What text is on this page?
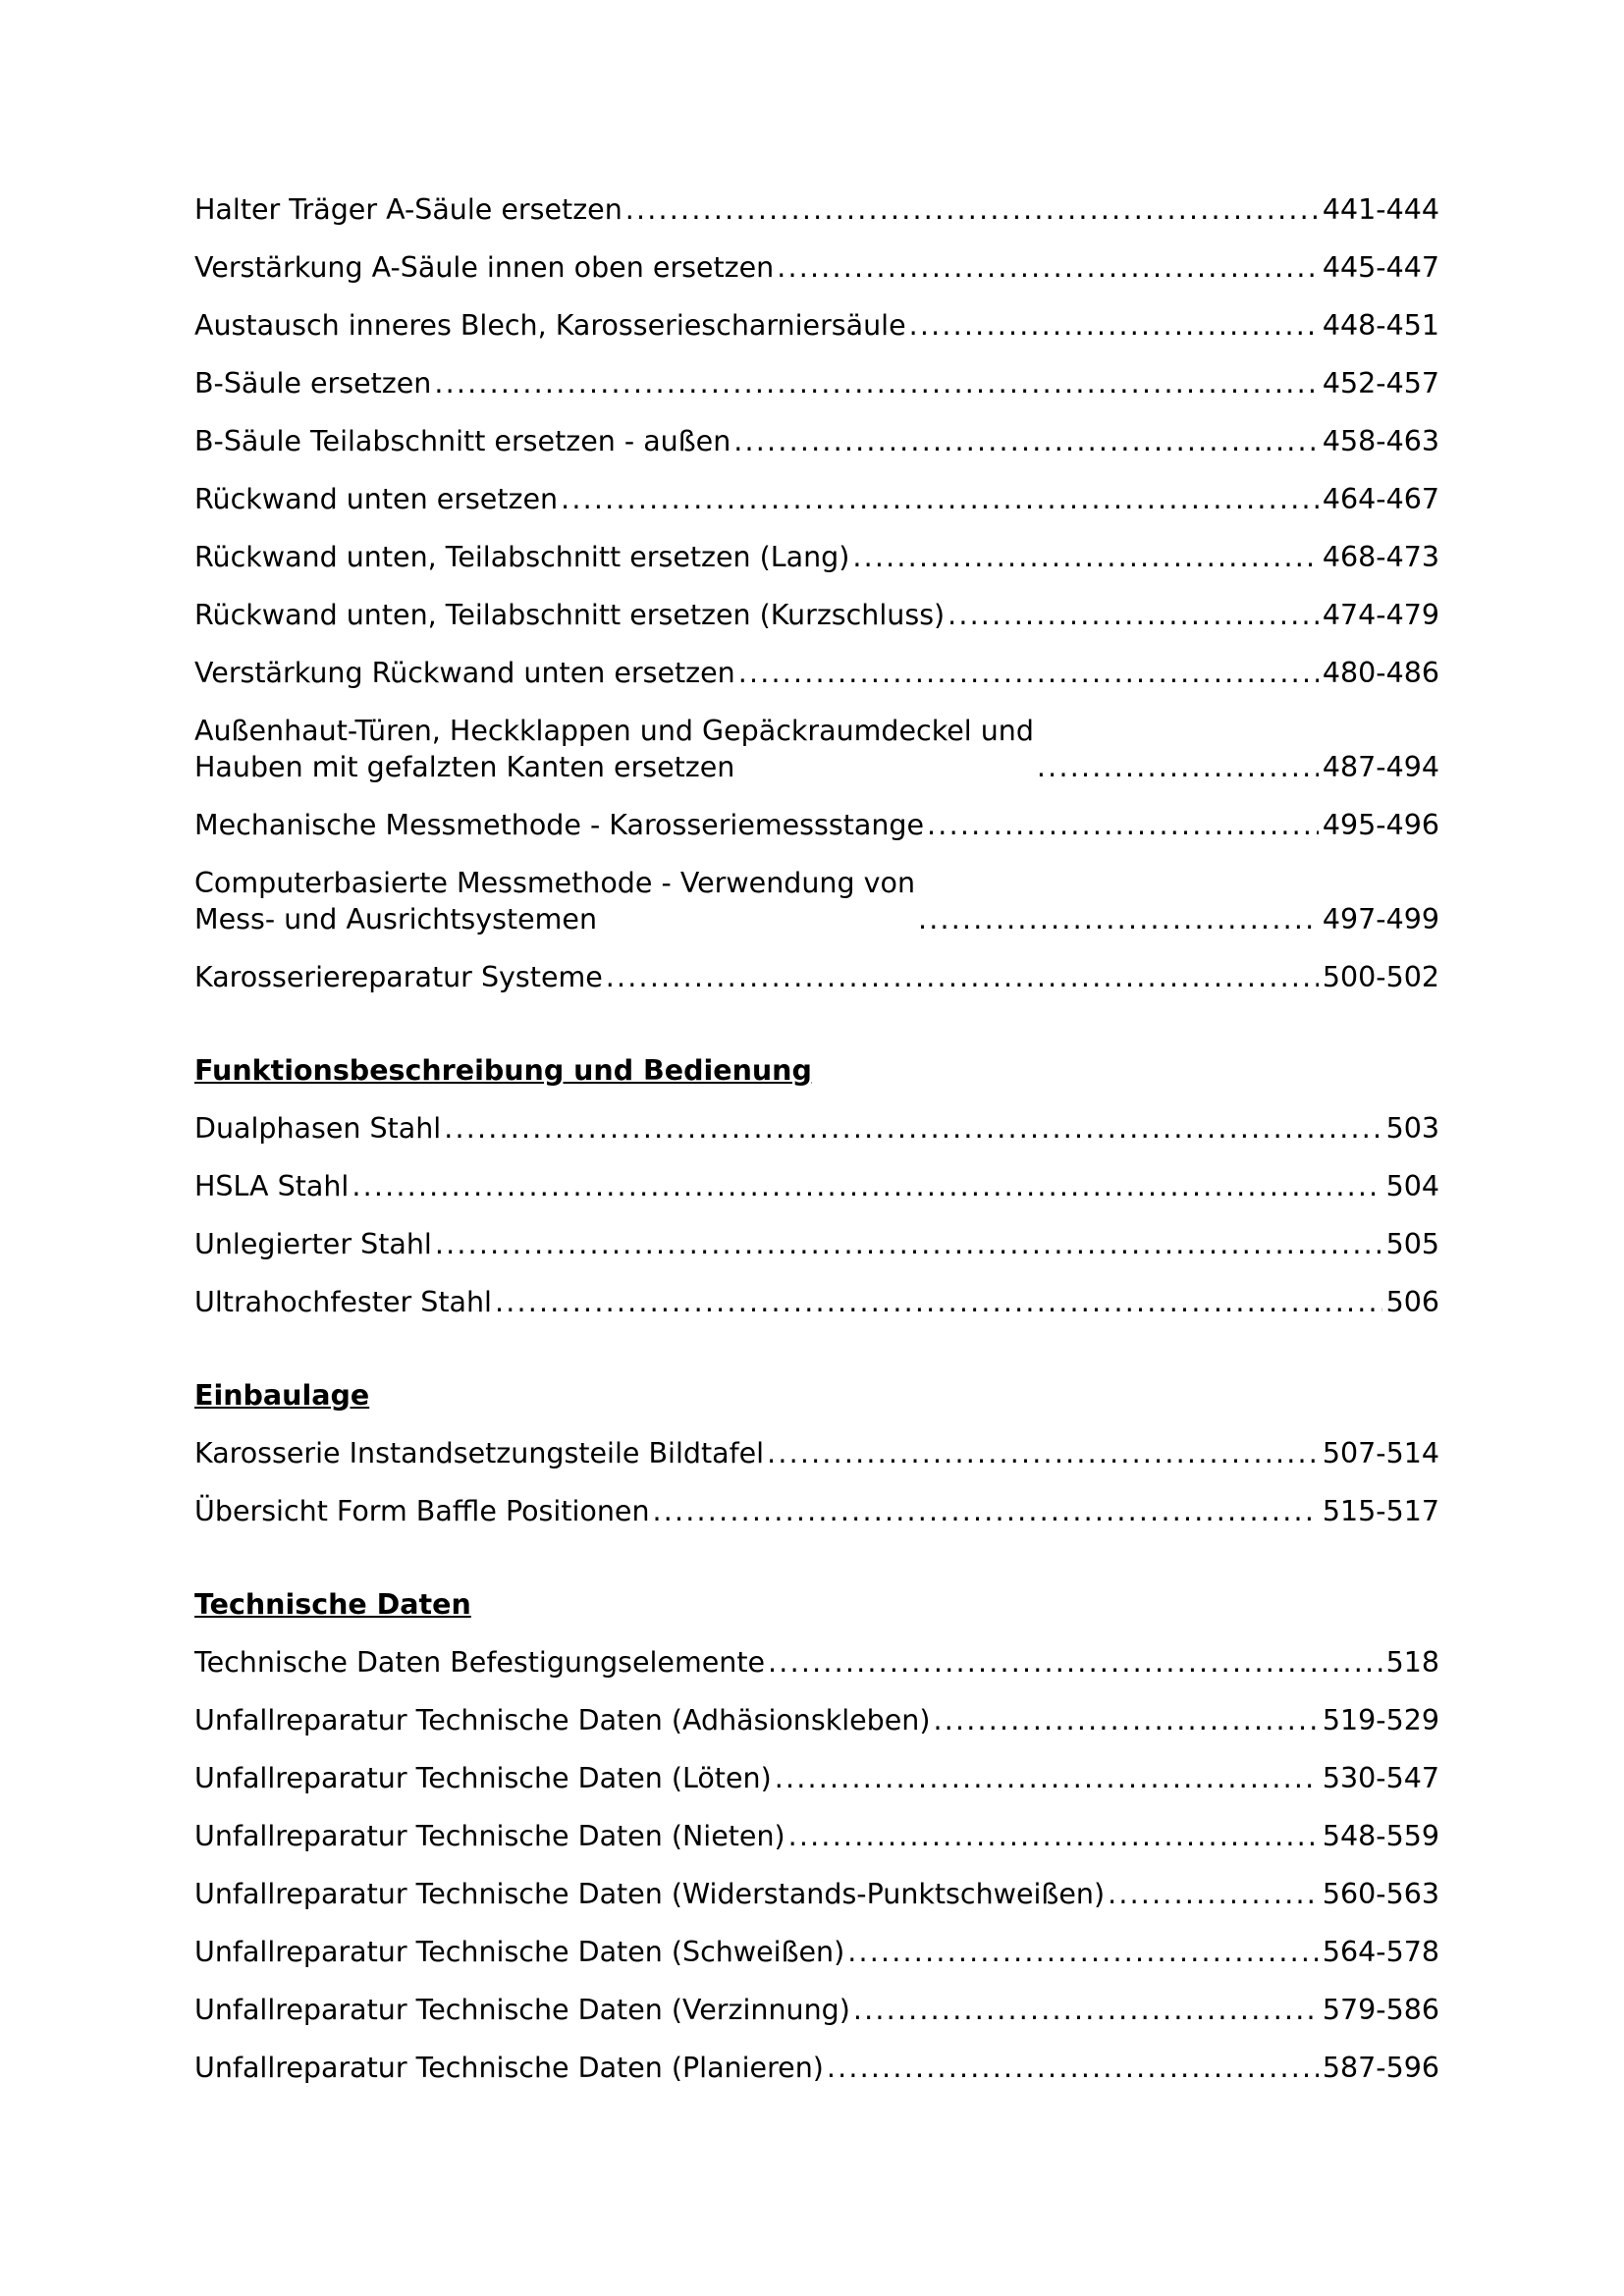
Halter Träger A-Säule ersetzen .....	441-444
Verstärkung A-Säule innen oben ersetzen .....	445-447
Austausch inneres Blech, Karosseriescharniersäule .....	448-451
B-Säule ersetzen .....	452-457
B-Säule Teilabschnitt ersetzen - außen .....	458-463
Rückwand unten ersetzen .....	464-467
Rückwand unten, Teilabschnitt ersetzen (Lang) .....	468-473
Rückwand unten, Teilabschnitt ersetzen (Kurzschluss) .....	474-479
Verstärkung Rückwand unten ersetzen .....	480-486
Außenhaut-Türen, Heckklappen und Gepäckraumdeckel und
Hauben mit gefalzten Kanten ersetzen .....	487-494
Mechanische Messmethode - Karosseriemessstange .....	495-496
Computerbasierte Messmethode - Verwendung von
Mess- und Ausrichtsystemen .....	497-499
Karosseriereparatur Systeme .....	500-502
Funktionsbeschreibung und Bedienung
Dualphasen Stahl .....	503
HSLA Stahl .....	504
Unlegierter Stahl .....	505
Ultrahochfester Stahl .....	506
Einbaulage
Karosserie Instandsetzungsteile Bildtafel .....	507-514
Übersicht Form Baffle Positionen .....	515-517
Technische Daten
Technische Daten Befestigungselemente .....	518
Unfallreparatur Technische Daten (Adhäsionskleben) .....	519-529
Unfallreparatur Technische Daten (Löten) .....	530-547
Unfallreparatur Technische Daten (Nieten) .....	548-559
Unfallreparatur Technische Daten (Widerstands-Punktschweißen) .....	560-563
Unfallreparatur Technische Daten (Schweißen) .....	564-578
Unfallreparatur Technische Daten (Verzinnung) .....	579-586
Unfallreparatur Technische Daten (Planieren) .....	587-596
